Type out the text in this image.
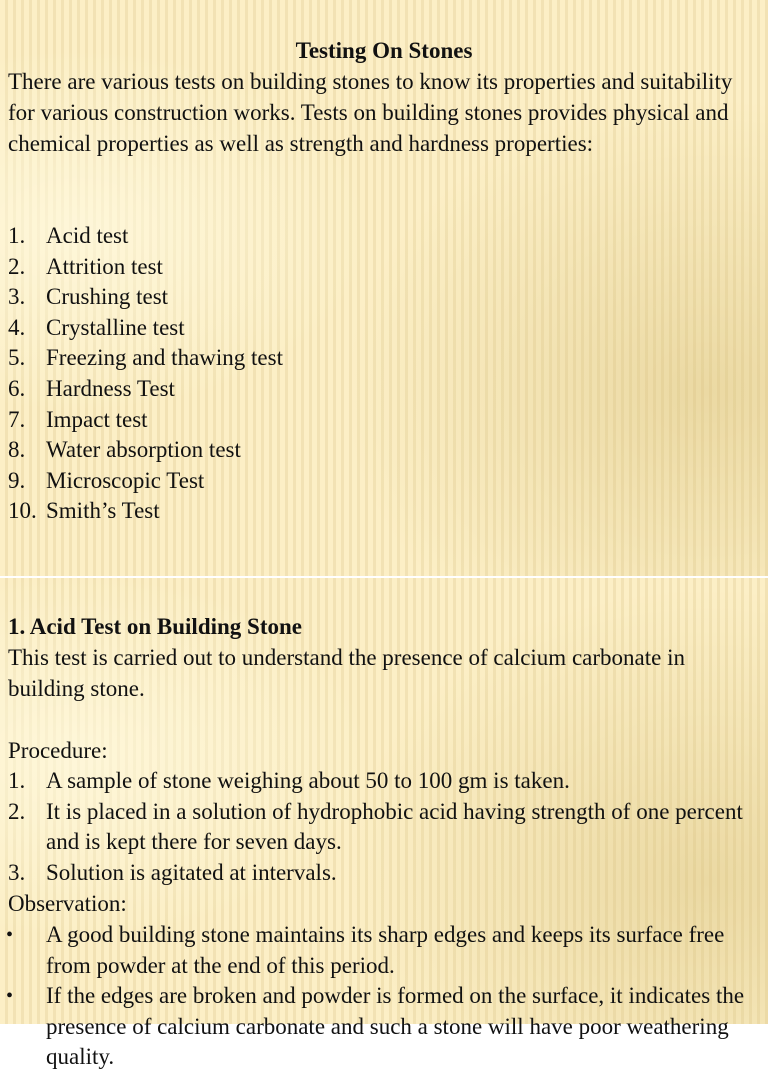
Testing On Stones
There are various tests on building stones to know its properties and suitability for various construction works. Tests on building stones provides physical and chemical properties as well as strength and hardness properties:
1. Acid test
2. Attrition test
3. Crushing test
4. Crystalline test
5. Freezing and thawing test
6. Hardness Test
7. Impact test
8. Water absorption test
9. Microscopic Test
10. Smith’s Test
1. Acid Test on Building Stone
This test is carried out to understand the presence of calcium carbonate in building stone.
Procedure:
1. A sample of stone weighing about 50 to 100 gm is taken.
2. It is placed in a solution of hydrophobic acid having strength of one percent and is kept there for seven days.
3. Solution is agitated at intervals.
Observation:
• A good building stone maintains its sharp edges and keeps its surface free from powder at the end of this period.
• If the edges are broken and powder is formed on the surface, it indicates the presence of calcium carbonate and such a stone will have poor weathering quality.
